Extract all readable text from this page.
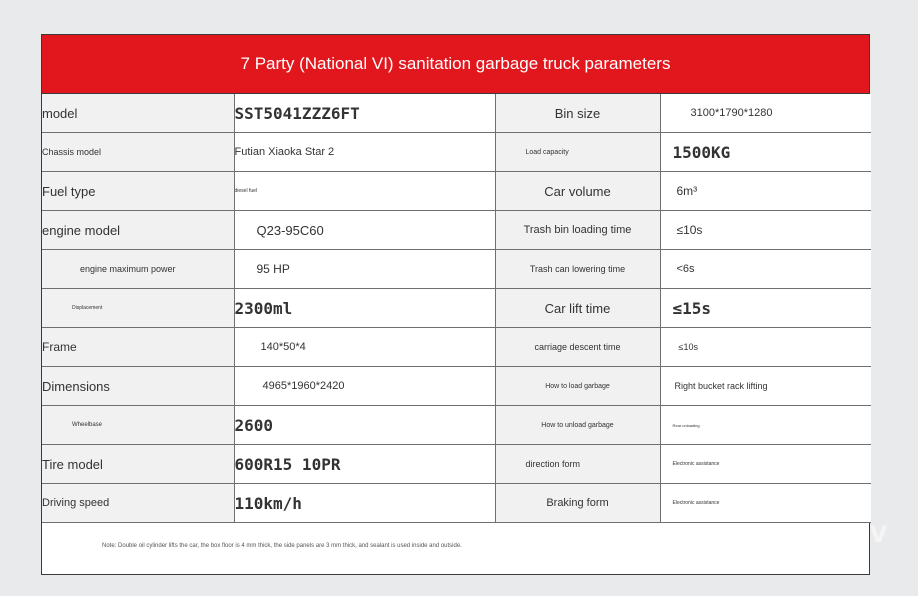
7 Party (National VI) sanitation garbage truck parameters
model	SST5041ZZZ6FT	Bin size	3100*1790*1280
Chassis model	Futian Xiaoka Star 2	Load capacity	1500KG
Fuel type	diesel fuel	Car volume	6m³
engine model	Q23-95C60	Trash bin loading time	≤10s
engine maximum power	95 HP	Trash can lowering time	<6s
Displacement	2300ml	Car lift time	≤15s
Frame	140*50*4	carriage descent time	≤10s
Dimensions	4965*1960*2420	How to load garbage	Right bucket rack lifting
Wheelbase	2600	How to unload garbage	Rear unloading
Tire model	600R15 10PR	direction form	Electronic assistance
Driving speed	110km/h	Braking form	Electronic assistance
Note: Double oil cylinder lifts the car, the box floor is 4 mm thick, the side panels are 3 mm thick, and sealant is used inside and outside.	V
